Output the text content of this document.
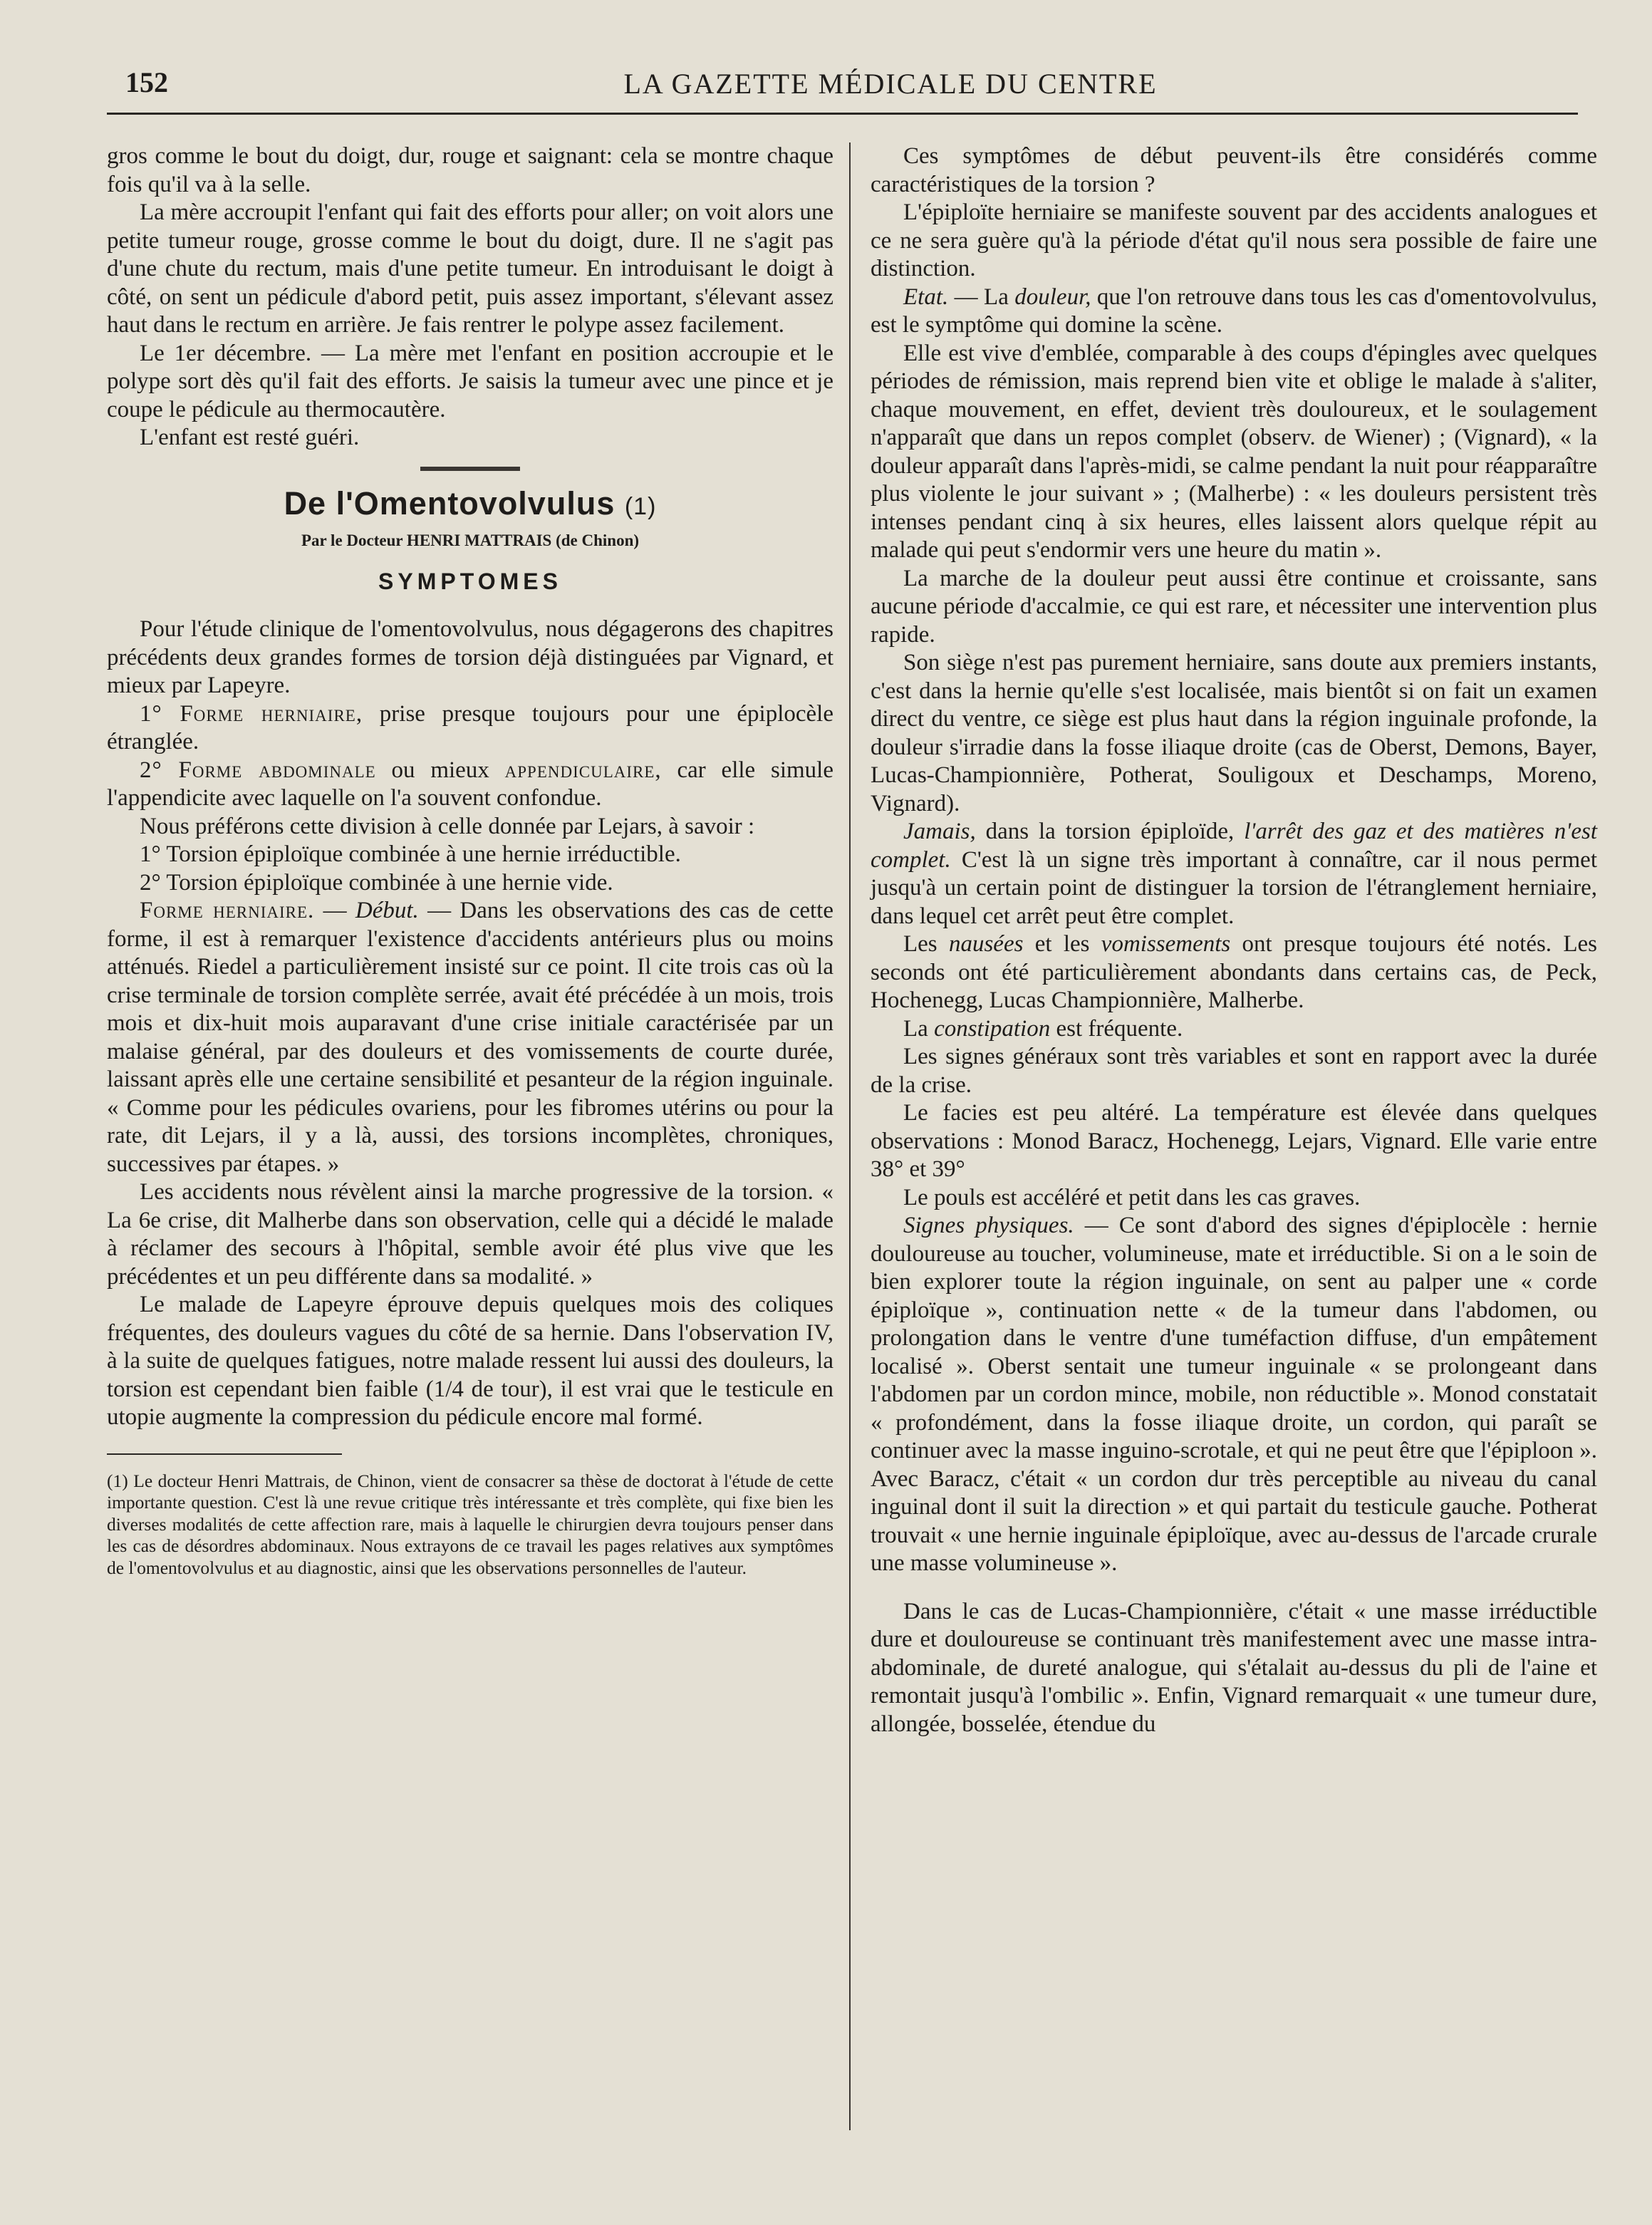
152	LA GAZETTE MÉDICALE DU CENTRE

gros comme le bout du doigt, dur, rouge et saignant: cela se montre chaque fois qu'il va à la selle.

La mère accroupit l'enfant qui fait des efforts pour aller; on voit alors une petite tumeur rouge, grosse comme le bout du doigt, dure. Il ne s'agit pas d'une chute du rectum, mais d'une petite tumeur. En introduisant le doigt à côté, on sent un pédicule d'abord petit, puis assez important, s'élevant assez haut dans le rectum en arrière. Je fais rentrer le polype assez facilement.

Le 1er décembre. — La mère met l'enfant en position accroupie et le polype sort dès qu'il fait des efforts. Je saisis la tumeur avec une pince et je coupe le pédicule au thermocautère.

L'enfant est resté guéri.

De l'Omentovolvulus (1)
Par le Docteur HENRI MATTRAIS (de Chinon)
SYMPTOMES

Pour l'étude clinique de l'omentovolvulus, nous dégagerons des chapitres précédents deux grandes formes de torsion déjà distinguées par Vignard, et mieux par Lapeyre.

1° Forme herniaire, prise presque toujours pour une épiplocèle étranglée.

2° Forme abdominale ou mieux appendiculaire, car elle simule l'appendicite avec laquelle on l'a souvent confondue.

Nous préférons cette division à celle donnée par Lejars, à savoir :

1° Torsion épiploïque combinée à une hernie irréductible.

2° Torsion épiploïque combinée à une hernie vide.

Forme herniaire. — Début. — Dans les observations des cas de cette forme, il est à remarquer l'existence d'accidents antérieurs plus ou moins atténués. Riedel a particulièrement insisté sur ce point. Il cite trois cas où la crise terminale de torsion complète serrée, avait été précédée à un mois, trois mois et dix-huit mois auparavant d'une crise initiale caractérisée par un malaise général, par des douleurs et des vomissements de courte durée, laissant après elle une certaine sensibilité et pesanteur de la région inguinale. « Comme pour les pédicules ovariens, pour les fibromes utérins ou pour la rate, dit Lejars, il y a là, aussi, des torsions incomplètes, chroniques, successives par étapes. »

Les accidents nous révèlent ainsi la marche progressive de la torsion. « La 6e crise, dit Malherbe dans son observation, celle qui a décidé le malade à réclamer des secours à l'hôpital, semble avoir été plus vive que les précédentes et un peu différente dans sa modalité. »

Le malade de Lapeyre éprouve depuis quelques mois des coliques fréquentes, des douleurs vagues du côté de sa hernie. Dans l'observation IV, à la suite de quelques fatigues, notre malade ressent lui aussi des douleurs, la torsion est cependant bien faible (1/4 de tour), il est vrai que le testicule en utopie augmente la compression du pédicule encore mal formé.

(1) Le docteur Henri Mattrais, de Chinon, vient de consacrer sa thèse de doctorat à l'étude de cette importante question. C'est là une revue critique très intéressante et très complète, qui fixe bien les diverses modalités de cette affection rare, mais à laquelle le chirurgien devra toujours penser dans les cas de désordres abdominaux. Nous extrayons de ce travail les pages relatives aux symptômes de l'omentovolvulus et au diagnostic, ainsi que les observations personnelles de l'auteur.

Ces symptômes de début peuvent-ils être considérés comme caractéristiques de la torsion ?

L'épiploïte herniaire se manifeste souvent par des accidents analogues et ce ne sera guère qu'à la période d'état qu'il nous sera possible de faire une distinction.

Etat. — La douleur, que l'on retrouve dans tous les cas d'omentovolvulus, est le symptôme qui domine la scène.

Elle est vive d'emblée, comparable à des coups d'épingles avec quelques périodes de rémission, mais reprend bien vite et oblige le malade à s'aliter, chaque mouvement, en effet, devient très douloureux, et le soulagement n'apparaît que dans un repos complet (observ. de Wiener) ; (Vignard), « la douleur apparaît dans l'après-midi, se calme pendant la nuit pour réapparaître plus violente le jour suivant » ; (Malherbe) : « les douleurs persistent très intenses pendant cinq à six heures, elles laissent alors quelque répit au malade qui peut s'endormir vers une heure du matin ».

La marche de la douleur peut aussi être continue et croissante, sans aucune période d'accalmie, ce qui est rare, et nécessiter une intervention plus rapide.

Son siège n'est pas purement herniaire, sans doute aux premiers instants, c'est dans la hernie qu'elle s'est localisée, mais bientôt si on fait un examen direct du ventre, ce siège est plus haut dans la région inguinale profonde, la douleur s'irradie dans la fosse iliaque droite (cas de Oberst, Demons, Bayer, Lucas-Championnière, Potherat, Souligoux et Deschamps, Moreno, Vignard).

Jamais, dans la torsion épiploïde, l'arrêt des gaz et des matières n'est complet. C'est là un signe très important à connaître, car il nous permet jusqu'à un certain point de distinguer la torsion de l'étranglement herniaire, dans lequel cet arrêt peut être complet.

Les nausées et les vomissements ont presque toujours été notés. Les seconds ont été particulièrement abondants dans certains cas, de Peck, Hochenegg, Lucas Championnière, Malherbe.

La constipation est fréquente.

Les signes généraux sont très variables et sont en rapport avec la durée de la crise.

Le facies est peu altéré. La température est élevée dans quelques observations : Monod Baracz, Hochenegg, Lejars, Vignard. Elle varie entre 38° et 39°

Le pouls est accéléré et petit dans les cas graves.

Signes physiques. — Ce sont d'abord des signes d'épiplocèle : hernie douloureuse au toucher, volumineuse, mate et irréductible. Si on a le soin de bien explorer toute la région inguinale, on sent au palper une « corde épiploïque », continuation nette « de la tumeur dans l'abdomen, ou prolongation dans le ventre d'une tuméfaction diffuse, d'un empâtement localisé ». Oberst sentait une tumeur inguinale « se prolongeant dans l'abdomen par un cordon mince, mobile, non réductible ». Monod constatait « profondément, dans la fosse iliaque droite, un cordon, qui paraît se continuer avec la masse inguino-scrotale, et qui ne peut être que l'épiploon ». Avec Baracz, c'était « un cordon dur très perceptible au niveau du canal inguinal dont il suit la direction » et qui partait du testicule gauche. Potherat trouvait « une hernie inguinale épiploïque, avec au-dessus de l'arcade crurale une masse volumineuse ».

Dans le cas de Lucas-Championnière, c'était « une masse irréductible dure et douloureuse se continuant très manifestement avec une masse intra-abdominale, de dureté analogue, qui s'étalait au-dessus du pli de l'aine et remontait jusqu'à l'ombilic ». Enfin, Vignard remarquait « une tumeur dure, allongée, bosselée, étendue du
